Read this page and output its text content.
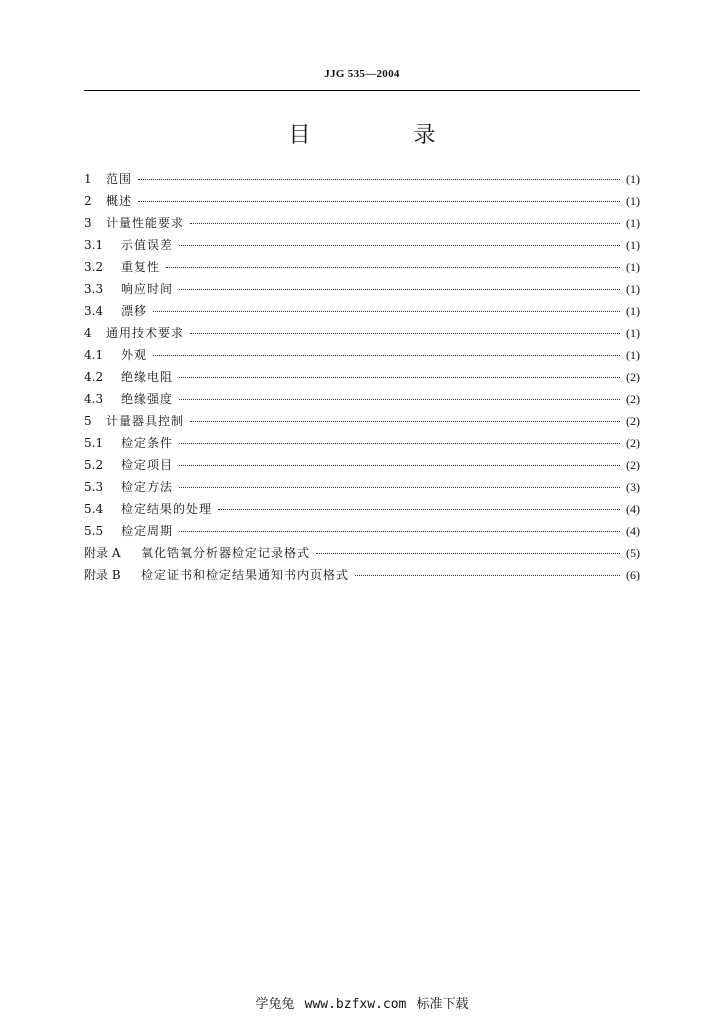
JJG 535—2004
目 录
1	范围	(1)
2	概述	(1)
3	计量性能要求	(1)
3.1	示值误差	(1)
3.2	重复性	(1)
3.3	响应时间	(1)
3.4	漂移	(1)
4	通用技术要求	(1)
4.1	外观	(1)
4.2	绝缘电阻	(2)
4.3	绝缘强度	(2)
5	计量器具控制	(2)
5.1	检定条件	(2)
5.2	检定项目	(2)
5.3	检定方法	(3)
5.4	检定结果的处理	(4)
5.5	检定周期	(4)
附录 A	氧化锆氧分析器检定记录格式	(5)
附录 B	检定证书和检定结果通知书内页格式	(6)
学兔兔 www.bzfxw.com 标准下载
